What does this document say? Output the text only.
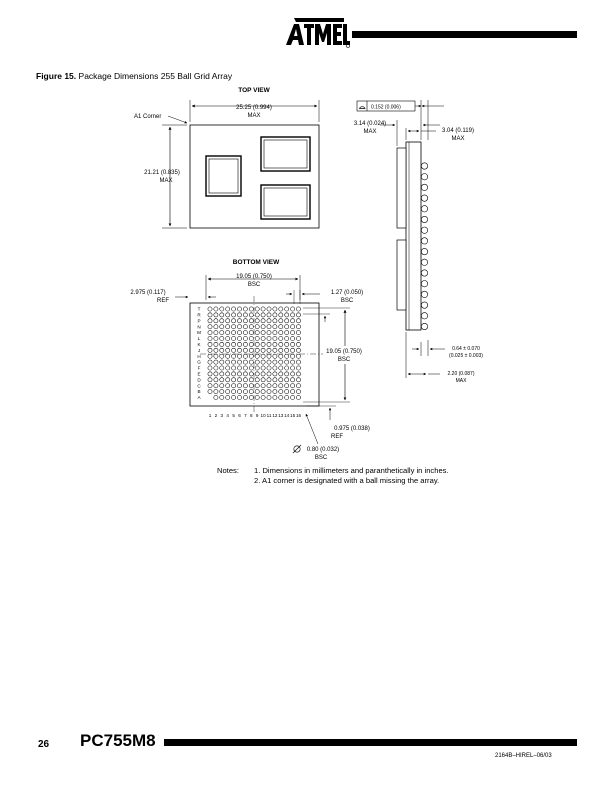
Figure 15. Package Dimensions 255 Ball Grid Array
TOP VIEW
25.25 (0.994)
MAX
A1 Corner
21.21 (0.835)
MAX
0.152 (0.006)
3.14 (0.024)
MAX	3.04 (0.119)
MAX
0.64 ± 0.070
(0.025 ± 0.003)
2.20 (0.087)
MAX
BOTTOM VIEW
T
R
P
N
M
L
K
J
H
G
F
E
D
C
B
A
1 2 3 4 5 6 7 8 9 10 11 12 13 14 15 16
19.05 (0.750)
BSC
2.975 (0.117)
REF
1.27 (0.050)
BSC
19.05 (0.750)
BSC
0.975 (0.038)
REF
0.80 (0.032)
BSC
Notes:	1. Dimensions in millimeters and paranthetically in inches.
2. A1 corner is designated with a ball missing the array.
26 PC755M8
2164B–HIREL–06/03
